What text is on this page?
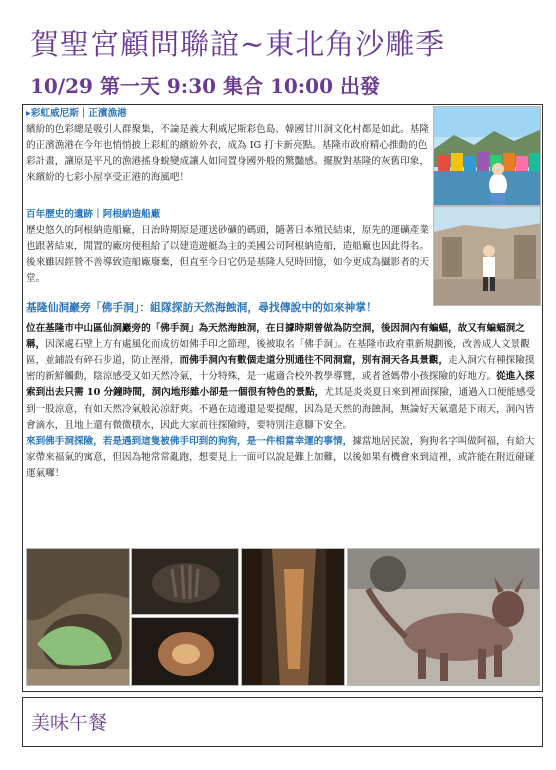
賀聖宮顧問聯誼~東北角沙雕季
10/29 第一天 9:30 集合 10:00 出發

▸彩虹威尼斯｜正濱漁港

繽紛的色彩總是吸引人群聚集，不論是義大利威尼斯彩色島、韓國甘川洞文化村都是如此。基隆的正濱漁港在今年也悄悄披上彩虹的繽紛外衣，成為 IG 打卡新亮點。基隆市政府精心推動的色彩計畫，讓原是平凡的漁港搖身蛻變成讓人如同置身國外般的驚豔感。擺脫對基隆的灰舊印象，來繽紛的七彩小屋享受正港的海風吧！

百年歷史的遺跡｜阿根納造船廠

歷史悠久的阿根納造船廠，日治時期原是運送砂礦的碼頭，隨著日本殖民結束，原先的運礦產業也跟著結束，閒置的廠房便租給了以建造遊艇為主的美國公司阿根納造船，造船廠也因此得名。後來雖因經營不善導致造船廠廢棄，但直至今日它仍是基隆人兒時回憶，如今更成為攝影者的天堂。

基隆仙洞巖旁「佛手洞」：組隊探訪天然海蝕洞，尋找傳說中的如來神掌！

位在基隆市中山區仙洞巖旁的「佛手洞」為天然海蝕洞，在日據時期曾做為防空洞，後因洞內有蝙蝠，故又有蝙蝠洞之稱，因深處石壁上方有處風化而成彷如佛手印之節理，後被取名「佛手洞」。在基隆市政府重新規劃後，改善成人文景觀區，並鋪設有碎石步道，防止溼滑，而佛手洞內有數個走道分別通往不同洞窟，別有洞天各具景觀，走入洞穴有種探險摸密的新鮮觸動，陰涼感受又如天然冷氣，十分特殊，是一處適合校外教學導覽，或者爸媽帶小孩探險的好地方。從進入探索到出去只需 10 分鐘時間，洞內地形雖小卻是一個很有特色的景點，尤其是炎炎夏日來到裡面探險，通過入口便能感受到一股涼意，有如天然冷氣般沁涼舒爽。不過在這邊還是要提醒，因為是天然的海蝕洞，無論好天氣還是下雨天，洞內皆會滴水，且地上還有微微積水，因此大家前往探險時，要特別注意腳下安全。

來到佛手洞探險，若是遇到這隻被佛手印到的狗狗，是一件相當幸運的事情，據當地居民說，狗狗名字叫做阿福，有給大家帶來福氣的寓意，但因為牠常常亂跑，想要見上一面可以說是難上加難，以後如果有機會來到這裡，或許能在附近碰碰運氣囉！

美味午餐
